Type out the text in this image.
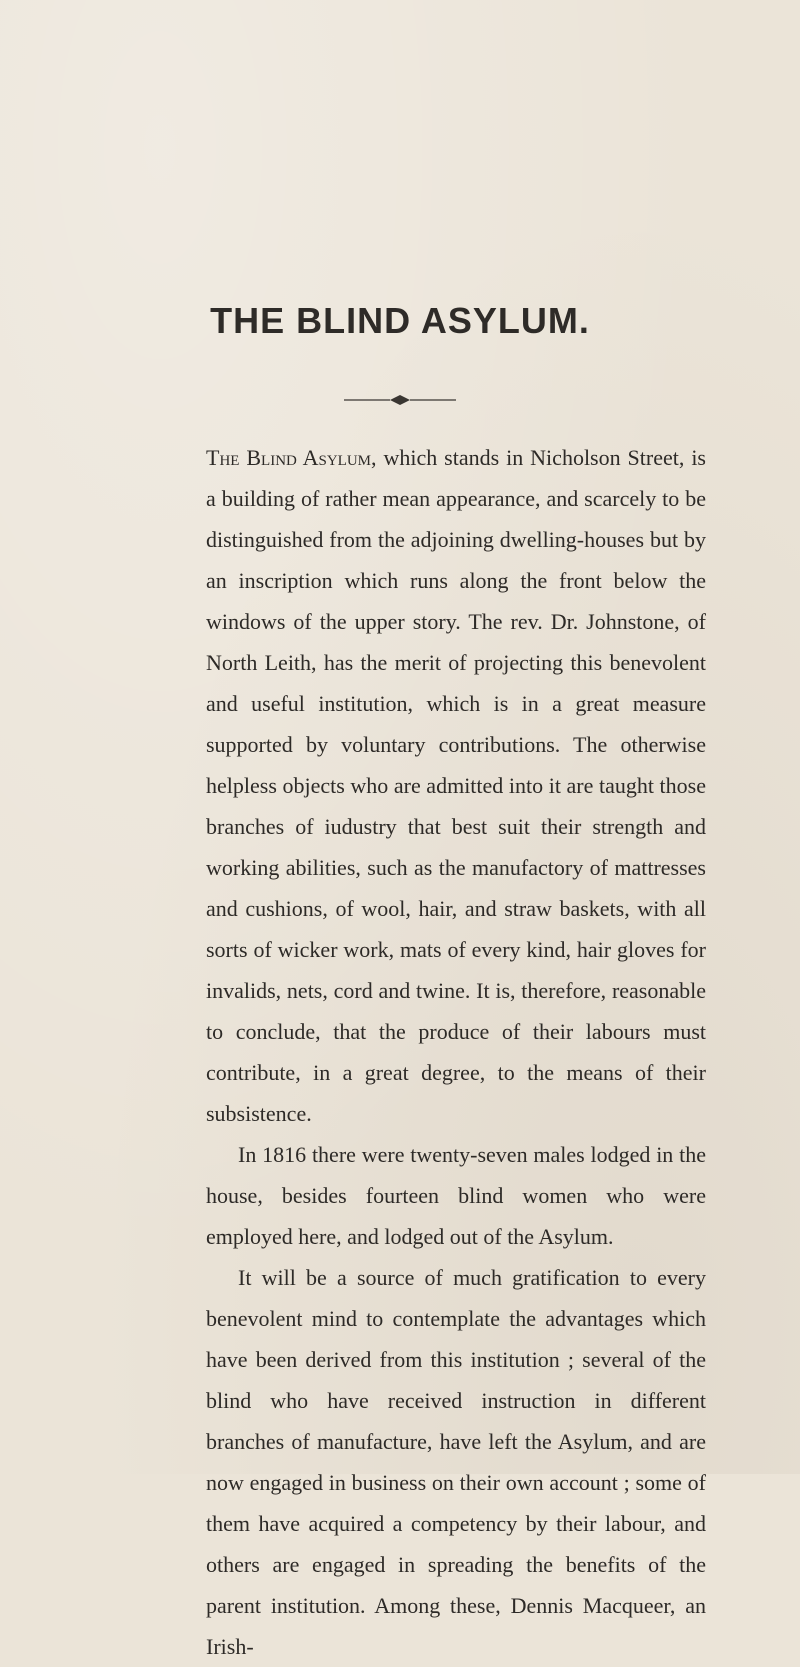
THE BLIND ASYLUM.

The Blind Asylum, which stands in Nicholson Street, is a building of rather mean appearance, and scarcely to be distinguished from the adjoining dwelling-houses but by an inscription which runs along the front below the windows of the upper story. The rev. Dr. Johnstone, of North Leith, has the merit of projecting this benevolent and useful institution, which is in a great measure supported by voluntary contributions. The otherwise helpless objects who are admitted into it are taught those branches of iudustry that best suit their strength and working abilities, such as the manufactory of mattresses and cushions, of wool, hair, and straw baskets, with all sorts of wicker work, mats of every kind, hair gloves for invalids, nets, cord and twine. It is, therefore, reasonable to conclude, that the produce of their labours must contribute, in a great degree, to the means of their subsistence.

In 1816 there were twenty-seven males lodged in the house, besides fourteen blind women who were employed here, and lodged out of the Asylum.

It will be a source of much gratification to every benevolent mind to contemplate the advantages which have been derived from this institution ; several of the blind who have received instruction in different branches of manufacture, have left the Asylum, and are now engaged in business on their own account ; some of them have acquired a competency by their labour, and others are engaged in spreading the benefits of the parent institution. Among these, Dennis Macqueer, an Irish-
